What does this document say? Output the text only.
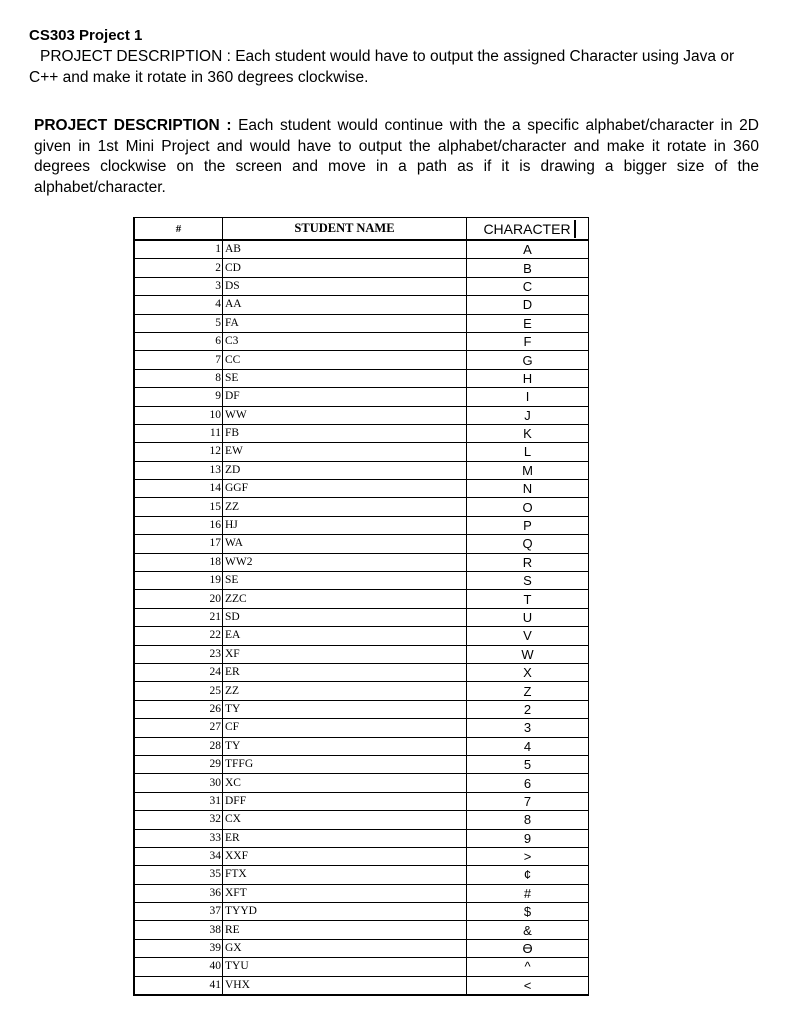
CS303 Project 1

PROJECT DESCRIPTION : Each student would have to output the assigned Character using Java or C++ and make it rotate in 360 degrees clockwise.

PROJECT DESCRIPTION : Each student would continue with the a specific alphabet/character in 2D given in 1st Mini Project and would have to output the alphabet/character and make it rotate in 360 degrees clockwise on the screen and move in a path as if it is drawing a bigger size of the alphabet/character.

#	STUDENT NAME	CHARACTER
1	AB	A
2	CD	B
3	DS	C
4	AA	D
5	FA	E
6	C3	F
7	CC	G
8	SE	H
9	DF	I
10	WW	J
11	FB	K
12	EW	L
13	ZD	M
14	GGF	N
15	ZZ	O
16	HJ	P
17	WA	Q
18	WW2	R
19	SE	S
20	ZZC	T
21	SD	U
22	EA	V
23	XF	W
24	ER	X
25	ZZ	Z
26	TY	2
27	CF	3
28	TY	4
29	TFFG	5
30	XC	6
31	DFF	7
32	CX	8
33	ER	9
34	XXF	>
35	FTX	¢
36	XFT	#
37	TYYD	$
38	RE	&
39	GX	ϴ
40	TYU	^
41	VHX	<
